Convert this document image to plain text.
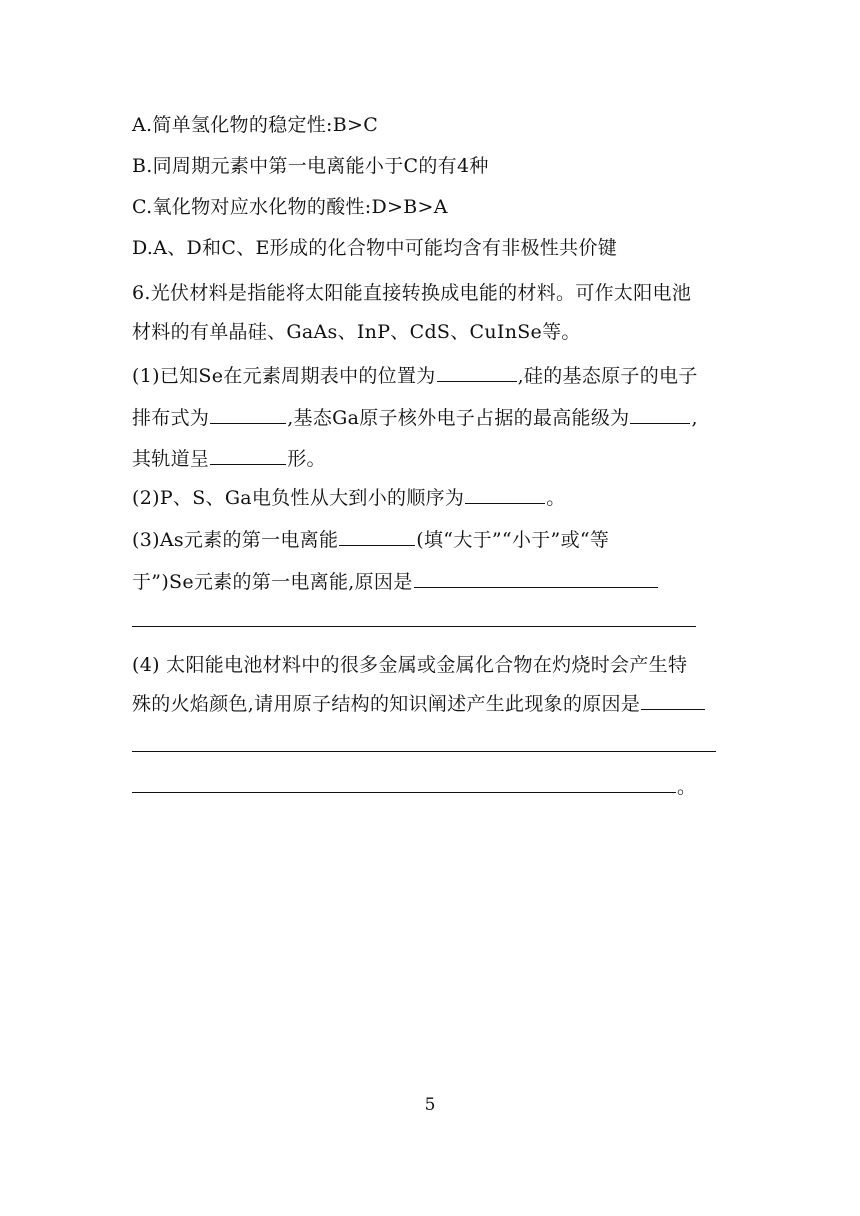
A.简单氢化物的稳定性:B>C
B.同周期元素中第一电离能小于C的有4种
C.氧化物对应水化物的酸性:D>B>A
D.A、D和C、E形成的化合物中可能均含有非极性共价键
6.光伏材料是指能将太阳能直接转换成电能的材料。可作太阳电池
材料的有单晶硅、GaAs、InP、CdS、CuInSe等。
(1)已知Se在元素周期表中的位置为	,硅的基态原子的电子
排布式为	,基态Ga原子核外电子占据的最高能级为	,
其轨道呈	形。
(2)P、S、Ga电负性从大到小的顺序为	。
(3)As元素的第一电离能	(填“大于”“小于”或“等
于”)Se元素的第一电离能,原因是
(4) 太阳能电池材料中的很多金属或金属化合物在灼烧时会产生特
殊的火焰颜色,请用原子结构的知识阐述产生此现象的原因是
。
5
